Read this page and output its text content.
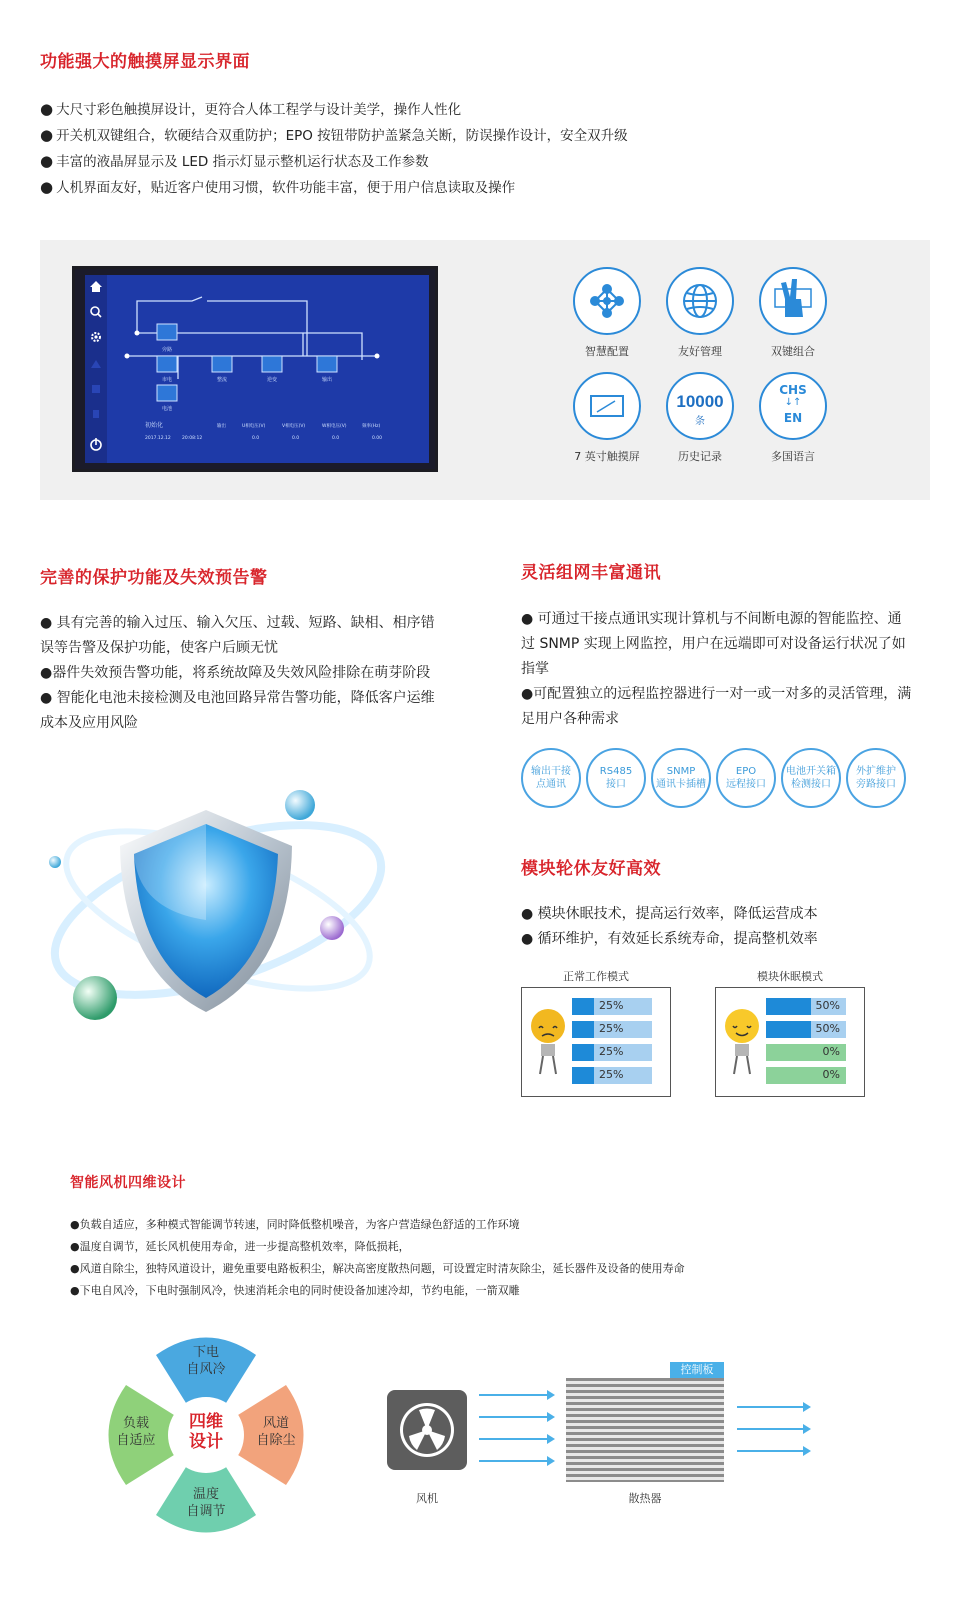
功能强大的触摸屏显示界面
● 大尺寸彩色触摸屏设计，更符合人体工程学与设计美学，操作人性化
● 开关机双键组合，软硬结合双重防护；EPO 按钮带防护盖紧急关断，防误操作设计，安全双升级
● 丰富的液晶屏显示及 LED 指示灯显示整机运行状态及工作参数
● 人机界面友好，贴近客户使用习惯，软件功能丰富，便于用户信息读取及操作
旁路
市电	整流	逆变	输出
电池
初始化
2017.12.12 20:08:12
输出	U相电压(V)	V相电压(V)	W相电压(V)	频率(Hz)
0.0	0.0	0.0	0.00
智慧配置	友好管理	双键组合
7 英寸触摸屏
10000
条
历史记录
CHS
↓↑
EN
多国语言
完善的保护功能及失效预告警

● 具有完善的输入过压、输入欠压、过载、短路、缺相、相序错误等告警及保护功能，使客户后顾无忧

●器件失效预告警功能，将系统故障及失效风险排除在萌芽阶段

● 智能化电池未接检测及电池回路异常告警功能，降低客户运维成本及应用风险

灵活组网丰富通讯

● 可通过干接点通讯实现计算机与不间断电源的智能监控、通过 SNMP 实现上网监控，用户在远端即可对设备运行状况了如指掌

●可配置独立的远程监控器进行一对一或一对多的灵活管理，满足用户各种需求

输出干接
点通讯
RS485
接口
SNMP
通讯卡插槽
EPO
远程接口
电池开关箱
检测接口
外扩维护
旁路接口
模块轮休友好高效

● 模块休眠技术，提高运行效率，降低运营成本

● 循环维护，有效延长系统寿命，提高整机效率

正常工作模式
25%
25%
25%
25%
模块休眠模式
50%
50%
0%
0%
智能风机四维设计
●负载自适应，多种模式智能调节转速，同时降低整机噪音，为客户营造绿色舒适的工作环境
●温度自调节，延长风机使用寿命，进一步提高整机效率，降低损耗，
●风道自除尘，独特风道设计，避免重要电路板积尘，解决高密度散热问题，可设置定时清灰除尘，延长器件及设备的使用寿命
●下电自风冷，下电时强制风冷，快速消耗余电的同时使设备加速冷却，节约电能，一箭双雕
下电
自风冷
负载
自适应
风道
自除尘
温度
自调节
四维
设计
风机
控制板
散热器
